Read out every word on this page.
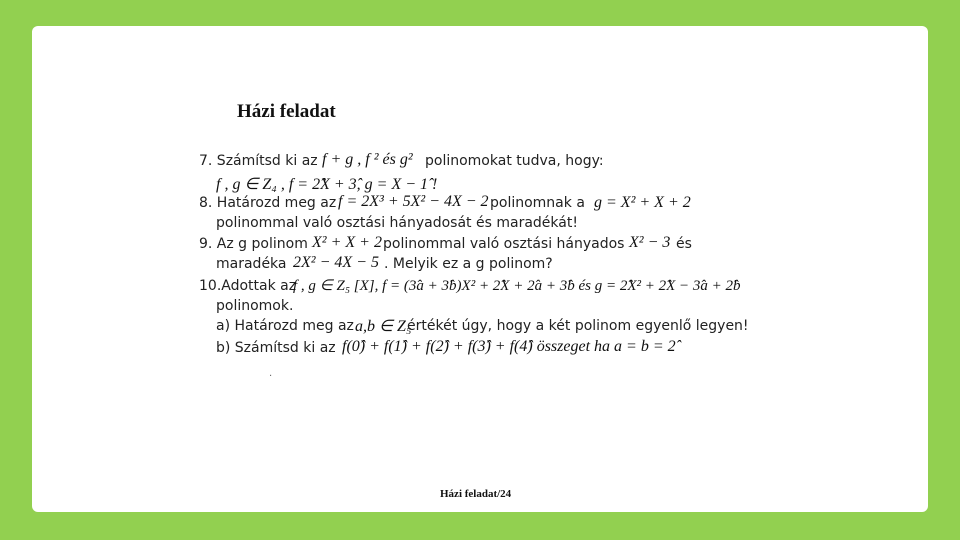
Házi feladat
7. Számítsd ki az f + g , f ² és g² polinomokat tudva, hogy:
f , g ∈ Z₄ , f = 2̂X + 3̂, g = X − 1̂ !
8. Határozd meg az f = 2X³ + 5X² − 4X − 2 polinomnak a g = X² + X + 2
polinommal való osztási hányadosát és maradékát!
9. Az g polinom X² + X + 2 polinommal való osztási hányados X² − 3 és
maradéka 2X² − 4X − 5 . Melyik ez a g polinom?
10.Adottak az
f , g ∈ Z₅ [X], f = (3̂a + 3̂b)X² + 2̂X + 2̂a + 3̂b és g = 2̂X² + 2̂X − 3̂a + 2̂b
polinomok.
a) Határozd meg az a,b ∈ Z₅
értékét úgy, hogy a két polinom egyenlő legyen!
b) Számítsd ki az f(0̂) + f(1̂) + f(2̂) + f(3̂) + f(4̂) összeget ha a = b = 2̂
.
Házi feladat/24
